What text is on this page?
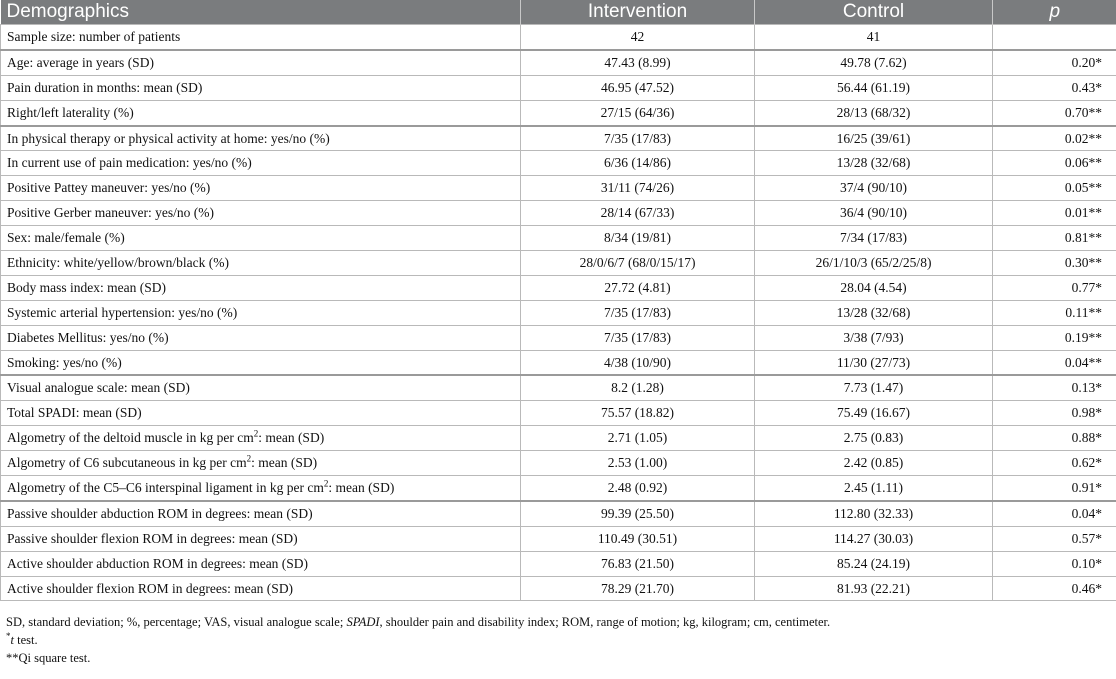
Demographics	Intervention	Control	p
Sample size: number of patients	42	41	
Age: average in years (SD)	47.43 (8.99)	49.78 (7.62)	0.20*
Pain duration in months: mean (SD)	46.95 (47.52)	56.44 (61.19)	0.43*
Right/left laterality (%)	27/15 (64/36)	28/13 (68/32)	0.70**
In physical therapy or physical activity at home: yes/no (%)	7/35 (17/83)	16/25 (39/61)	0.02**
In current use of pain medication: yes/no (%)	6/36 (14/86)	13/28 (32/68)	0.06**
Positive Pattey maneuver: yes/no (%)	31/11 (74/26)	37/4 (90/10)	0.05**
Positive Gerber maneuver: yes/no (%)	28/14 (67/33)	36/4 (90/10)	0.01**
Sex: male/female (%)	8/34 (19/81)	7/34 (17/83)	0.81**
Ethnicity: white/yellow/brown/black (%)	28/0/6/7 (68/0/15/17)	26/1/10/3 (65/2/25/8)	0.30**
Body mass index: mean (SD)	27.72 (4.81)	28.04 (4.54)	0.77*
Systemic arterial hypertension: yes/no (%)	7/35 (17/83)	13/28 (32/68)	0.11**
Diabetes Mellitus: yes/no (%)	7/35 (17/83)	3/38 (7/93)	0.19**
Smoking: yes/no (%)	4/38 (10/90)	11/30 (27/73)	0.04**
Visual analogue scale: mean (SD)	8.2 (1.28)	7.73 (1.47)	0.13*
Total SPADI: mean (SD)	75.57 (18.82)	75.49 (16.67)	0.98*
Algometry of the deltoid muscle in kg per $cm^2$: mean (SD)	2.71 (1.05)	2.75 (0.83)	0.88*
Algometry of C6 subcutaneous in kg per $cm^2$: mean (SD)	2.53 (1.00)	2.42 (0.85)	0.62*
Algometry of the C5–C6 interspinal ligament in kg per $cm^2$: mean (SD)	2.48 (0.92)	2.45 (1.11)	0.91*
Passive shoulder abduction ROM in degrees: mean (SD)	99.39 (25.50)	112.80 (32.33)	0.04*
Passive shoulder flexion ROM in degrees: mean (SD)	110.49 (30.51)	114.27 (30.03)	0.57*
Active shoulder abduction ROM in degrees: mean (SD)	76.83 (21.50)	85.24 (24.19)	0.10*
Active shoulder flexion ROM in degrees: mean (SD)	78.29 (21.70)	81.93 (22.21)	0.46*
SD, standard deviation; %, percentage; VAS, visual analogue scale; SPADI, shoulder pain and disability index; ROM, range of motion; kg, kilogram; cm, centimeter.
*t test.
**Qi square test.
